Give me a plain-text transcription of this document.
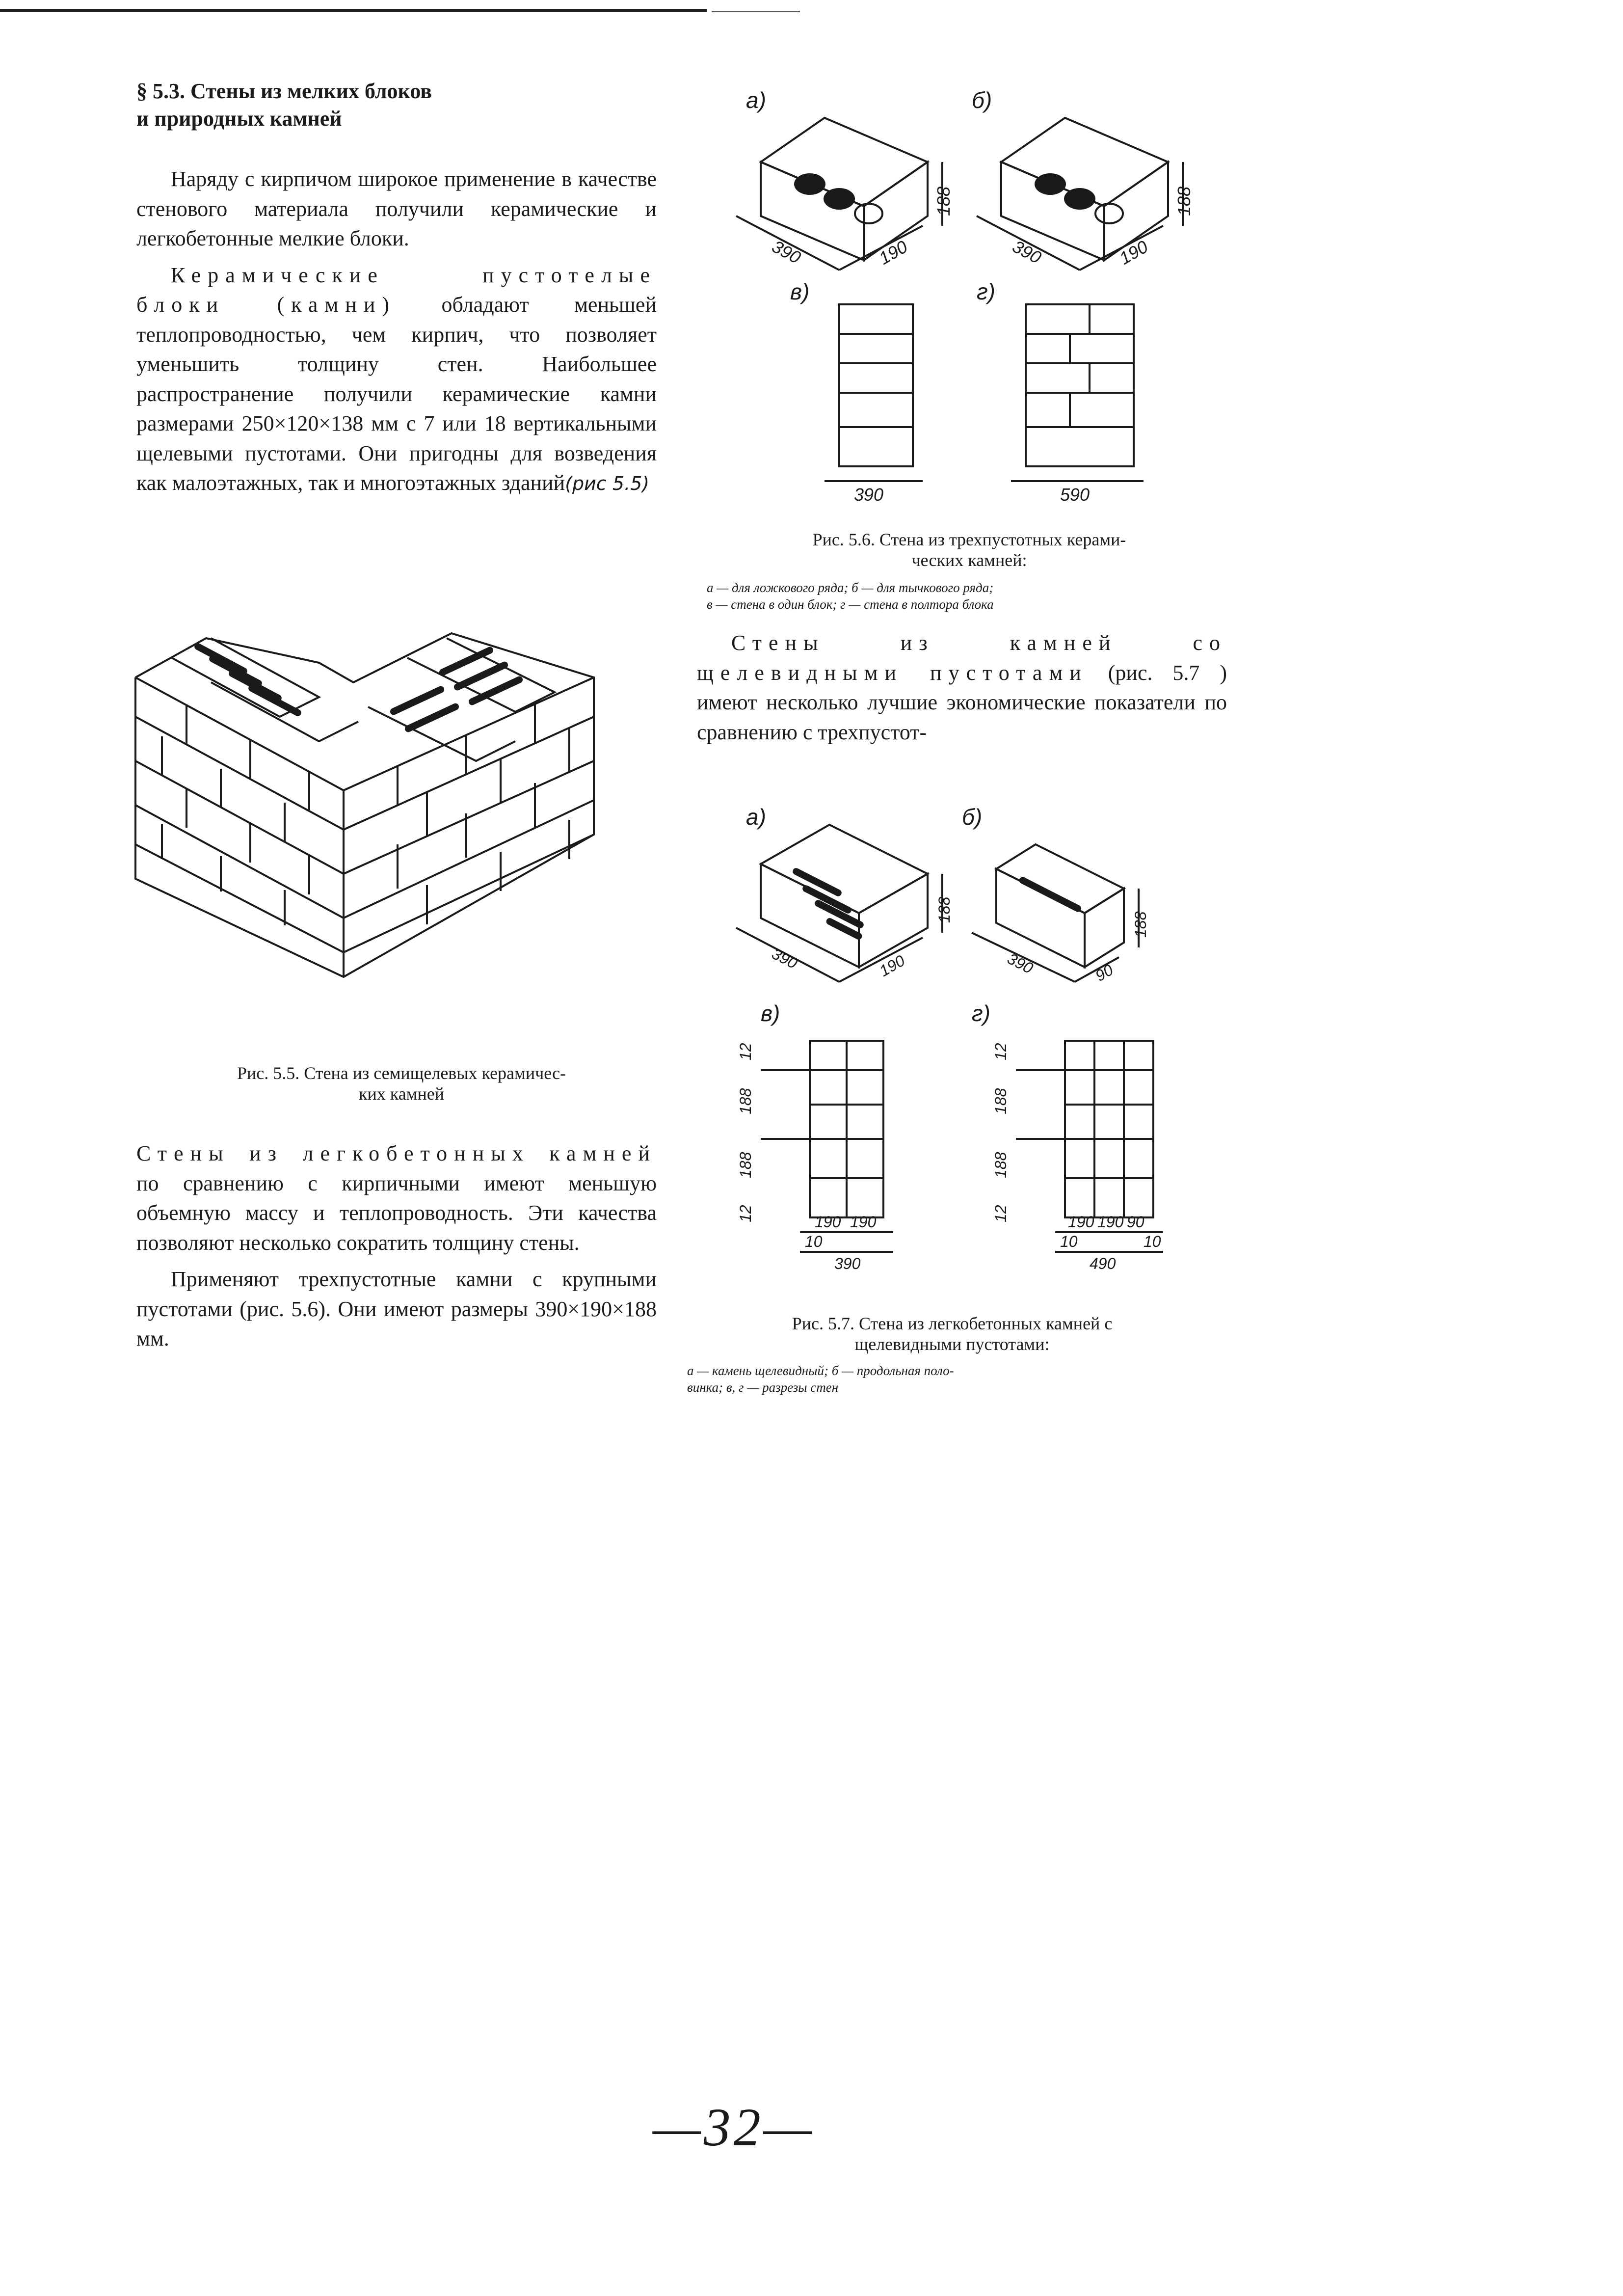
§ 5.3. Стены из мелких блоков
и природных камней

Наряду с кирпичом широкое применение в качестве стенового материала получили керамические и легкобетонные мелкие блоки.

Керамические пустотелые блоки (камни) обладают меньшей теплопроводностью, чем кирпич, что позволяет уменьшить толщину стен. Наибольшее распространение получили керамические камни размерами 250×120×138 мм с 7 или 18 вертикальными щелевыми пустотами. Они пригодны для возведения как малоэтажных, так и многоэтажных зданий(рис 5.5)

Рис. 5.5. Стена из семищелевых керамичес-
ких камней

Стены из легкобетонных камней по сравнению с кирпичными имеют меньшую объемную массу и теплопроводность. Эти качества позволяют несколько сократить толщину стены.

Применяют трехпустотные камни с крупными пустотами (рис. 5.6). Они имеют размеры 390×190×188 мм.

а)	б)
в)	г)
390	190
188
390	190
188
390	590
Рис. 5.6. Стена из трехпустотных керами-
ческих камней:
а — для ложкового ряда; б — для тычкового ряда;
в — стена в один блок; г — стена в полтора блока

Стены из камней со щелевидными пустотами (рис. 5.7 ) имеют несколько лучшие экономические показатели по сравнению с трехпустот-

а)	б)
в)	г)
390	190
188
390	90
188
12
188
188
12
12
188
188
12
190 190
10
390
190 190 90
10
490
10
Рис. 5.7. Стена из легкобетонных камней с
щелевидными пустотами:
а — камень щелевидный; б — продольная поло-
винка; в, г — разрезы стен
—32—
